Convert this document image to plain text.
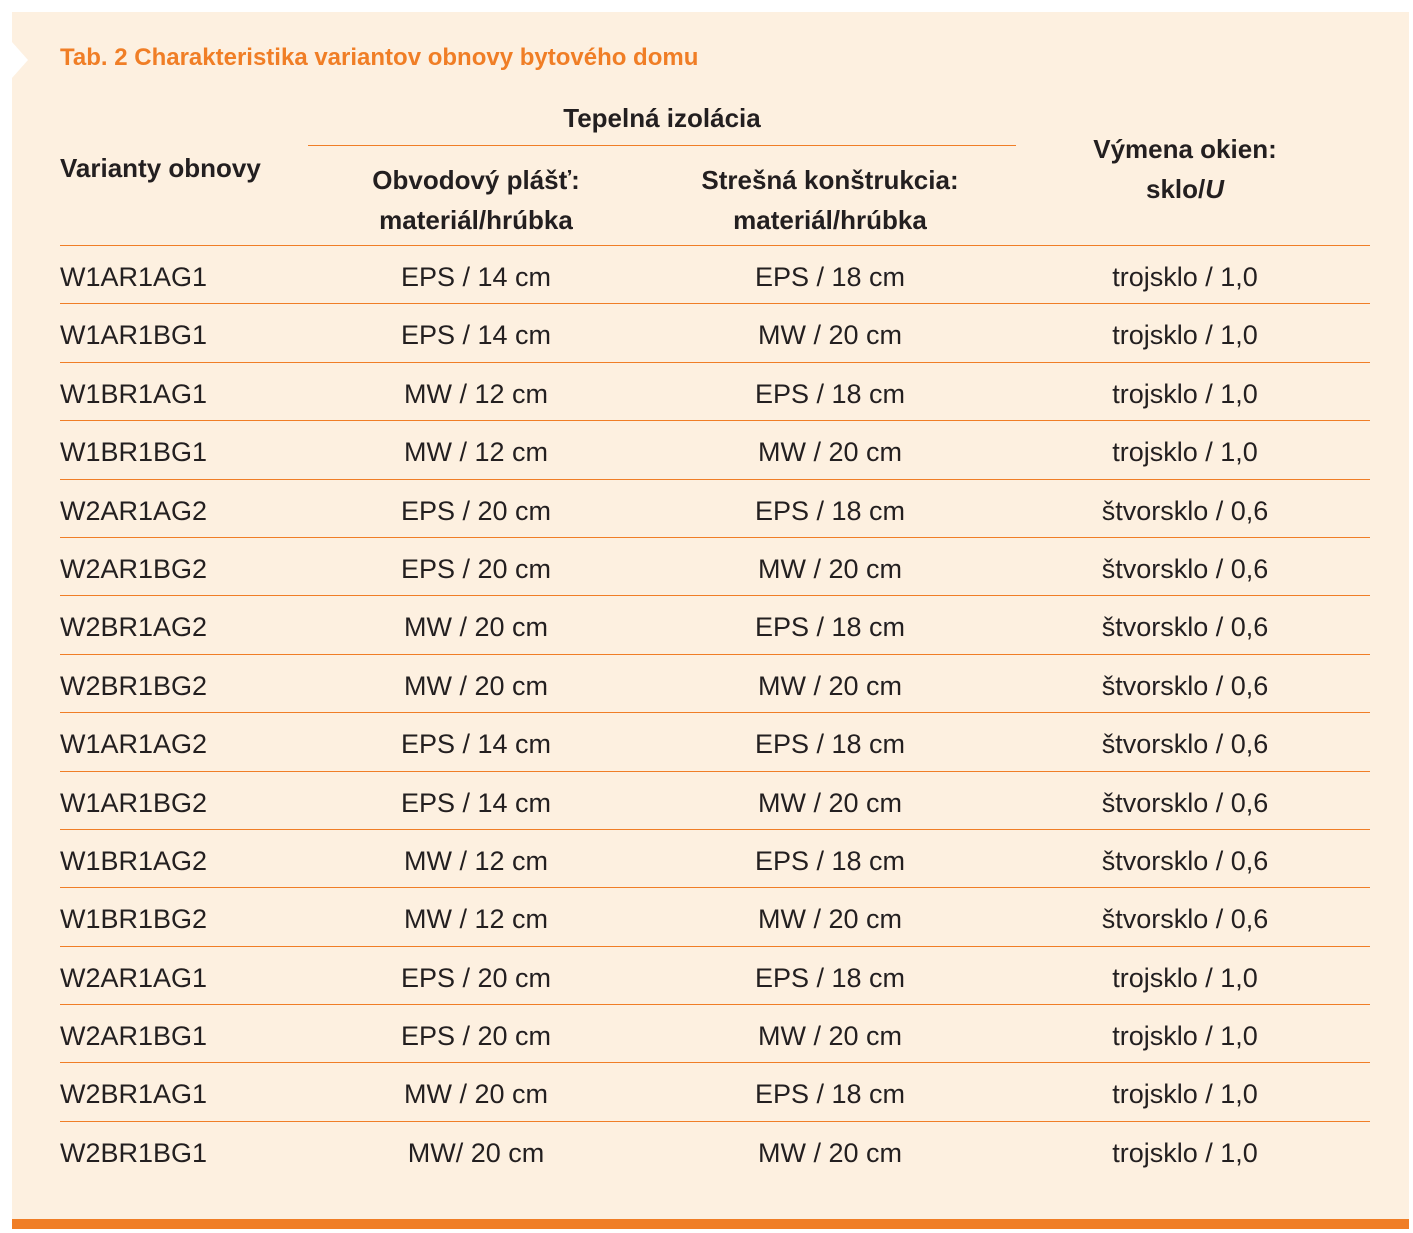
Tab. 2 Charakteristika variantov obnovy bytového domu
Varianty obnovy
Tepelná izolácia
Obvodový plášť:
materiál/hrúbka
Strešná konštrukcia:
materiál/hrúbka
Výmena okien:
sklo/U
W1AR1AG1	EPS / 14 cm	EPS / 18 cm	trojsklo / 1,0
W1AR1BG1	EPS / 14 cm	MW / 20 cm	trojsklo / 1,0
W1BR1AG1	MW / 12 cm	EPS / 18 cm	trojsklo / 1,0
W1BR1BG1	MW / 12 cm	MW / 20 cm	trojsklo / 1,0
W2AR1AG2	EPS / 20 cm	EPS / 18 cm	štvorsklo / 0,6
W2AR1BG2	EPS / 20 cm	MW / 20 cm	štvorsklo / 0,6
W2BR1AG2	MW / 20 cm	EPS / 18 cm	štvorsklo / 0,6
W2BR1BG2	MW / 20 cm	MW / 20 cm	štvorsklo / 0,6
W1AR1AG2	EPS / 14 cm	EPS / 18 cm	štvorsklo / 0,6
W1AR1BG2	EPS / 14 cm	MW / 20 cm	štvorsklo / 0,6
W1BR1AG2	MW / 12 cm	EPS / 18 cm	štvorsklo / 0,6
W1BR1BG2	MW / 12 cm	MW / 20 cm	štvorsklo / 0,6
W2AR1AG1	EPS / 20 cm	EPS / 18 cm	trojsklo / 1,0
W2AR1BG1	EPS / 20 cm	MW / 20 cm	trojsklo / 1,0
W2BR1AG1	MW / 20 cm	EPS / 18 cm	trojsklo / 1,0
W2BR1BG1	MW/ 20 cm	MW / 20 cm	trojsklo / 1,0
